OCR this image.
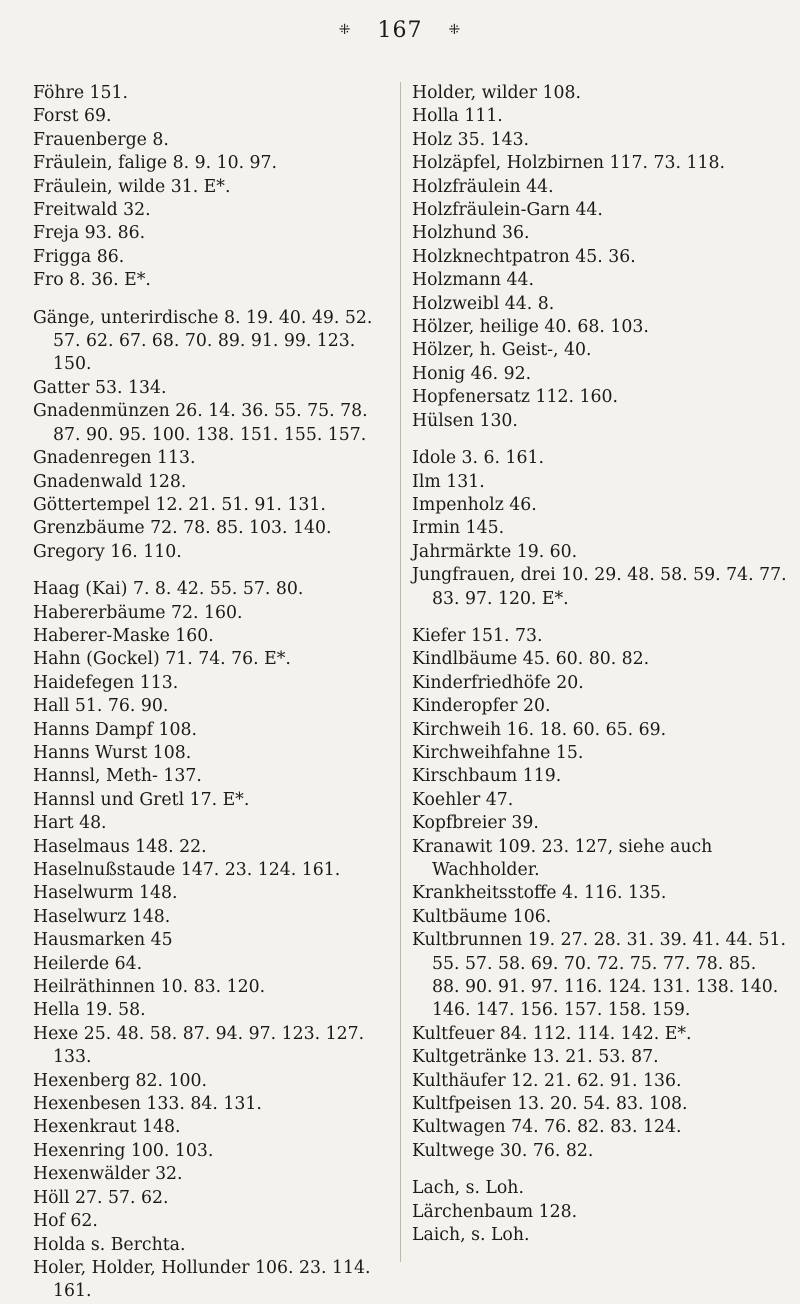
⁜ 167 ⁜
Föhre 151.
Forst 69.
Frauenberge 8.
Fräulein, falige 8. 9. 10. 97.
Fräulein, wilde 31. E*.
Freitwald 32.
Freja 93. 86.
Frigga 86.
Fro 8. 36. E*.
Gänge, unterirdische 8. 19. 40. 49. 52. 57. 62. 67. 68. 70. 89. 91. 99. 123. 150.
Gatter 53. 134.
Gnadenmünzen 26. 14. 36. 55. 75. 78. 87. 90. 95. 100. 138. 151. 155. 157.
Gnadenregen 113.
Gnadenwald 128.
Göttertempel 12. 21. 51. 91. 131.
Grenzbäume 72. 78. 85. 103. 140.
Gregory 16. 110.
Haag (Kai) 7. 8. 42. 55. 57. 80.
Habererbäume 72. 160.
Haberer-Maske 160.
Hahn (Gockel) 71. 74. 76. E*.
Haidefegen 113.
Hall 51. 76. 90.
Hanns Dampf 108.
Hanns Wurst 108.
Hannsl, Meth- 137.
Hannsl und Gretl 17. E*.
Hart 48.
Haselmaus 148. 22.
Haselnußstaude 147. 23. 124. 161.
Haselwurm 148.
Haselwurz 148.
Hausmarken 45
Heilerde 64.
Heilräthinnen 10. 83. 120.
Hella 19. 58.
Hexe 25. 48. 58. 87. 94. 97. 123. 127. 133.
Hexenberg 82. 100.
Hexenbesen 133. 84. 131.
Hexenkraut 148.
Hexenring 100. 103.
Hexenwälder 32.
Höll 27. 57. 62.
Hof 62.
Holda s. Berchta.
Holer, Holder, Hollunder 106. 23. 114. 161.
Holder, wilder 108.
Holla 111.
Holz 35. 143.
Holzäpfel, Holzbirnen 117. 73. 118.
Holzfräulein 44.
Holzfräulein-Garn 44.
Holzhund 36.
Holzknechtpatron 45. 36.
Holzmann 44.
Holzweibl 44. 8.
Hölzer, heilige 40. 68. 103.
Hölzer, h. Geist-, 40.
Honig 46. 92.
Hopfenersatz 112. 160.
Hülsen 130.
Idole 3. 6. 161.
Ilm 131.
Impenholz 46.
Irmin 145.
Jahrmärkte 19. 60.
Jungfrauen, drei 10. 29. 48. 58. 59. 74. 77. 83. 97. 120. E*.
Kiefer 151. 73.
Kindlbäume 45. 60. 80. 82.
Kinderfriedhöfe 20.
Kinderopfer 20.
Kirchweih 16. 18. 60. 65. 69.
Kirchweihfahne 15.
Kirschbaum 119.
Koehler 47.
Kopfbreier 39.
Kranawit 109. 23. 127, siehe auch Wachholder.
Krankheitsstoffe 4. 116. 135.
Kultbäume 106.
Kultbrunnen 19. 27. 28. 31. 39. 41. 44. 51. 55. 57. 58. 69. 70. 72. 75. 77. 78. 85. 88. 90. 91. 97. 116. 124. 131. 138. 140. 146. 147. 156. 157. 158. 159.
Kultfeuer 84. 112. 114. 142. E*.
Kultgetränke 13. 21. 53. 87.
Kulthäufer 12. 21. 62. 91. 136.
Kultfpeisen 13. 20. 54. 83. 108.
Kultwagen 74. 76. 82. 83. 124.
Kultwege 30. 76. 82.
Lach, s. Loh.
Lärchenbaum 128.
Laich, s. Loh.
